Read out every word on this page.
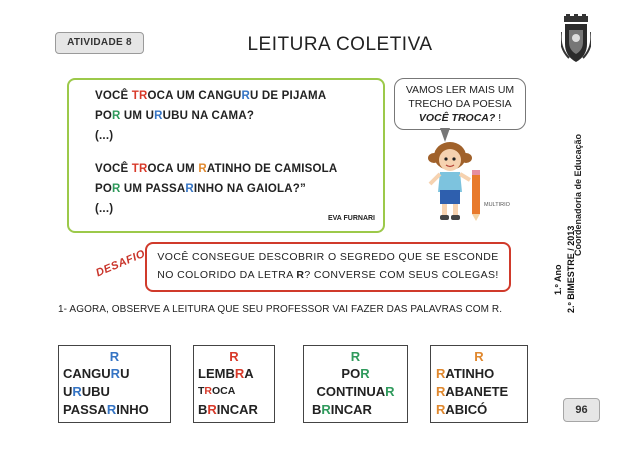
ATIVIDADE 8	LEITURA COLETIVA
Coordenadoria de Educação
1.º Ano 2.º BIMESTRE / 2013
96
VOCÊ TROCA UM CANGURU DE PIJAMA
POR UM URUBU NA CAMA?
(...)
VOCÊ TROCA UM RATINHO DE CAMISOLA
POR UM PASSARINHO NA GAIOLA?”
(...)
EVA FURNARI
VAMOS LER MAIS UM
TRECHO DA POESIA
VOCÊ TROCA? !
MULTIRIO
DESAFIO VOCÊ CONSEGUE DESCOBRIR O SEGREDO QUE SE ESCONDE
NO COLORIDO DA LETRA R? CONVERSE COM SEUS COLEGAS!
1- AGORA, OBSERVE A LEITURA QUE SEU PROFESSOR VAI FAZER DAS PALAVRAS COM R.
R
CANGURU
URUBU
PASSARINHO
R
LEMBRA
TROCA
BRINCAR
R
POR
CONTINUAR
BRINCAR
R
RATINHO
RABANETE
RABICÓ
